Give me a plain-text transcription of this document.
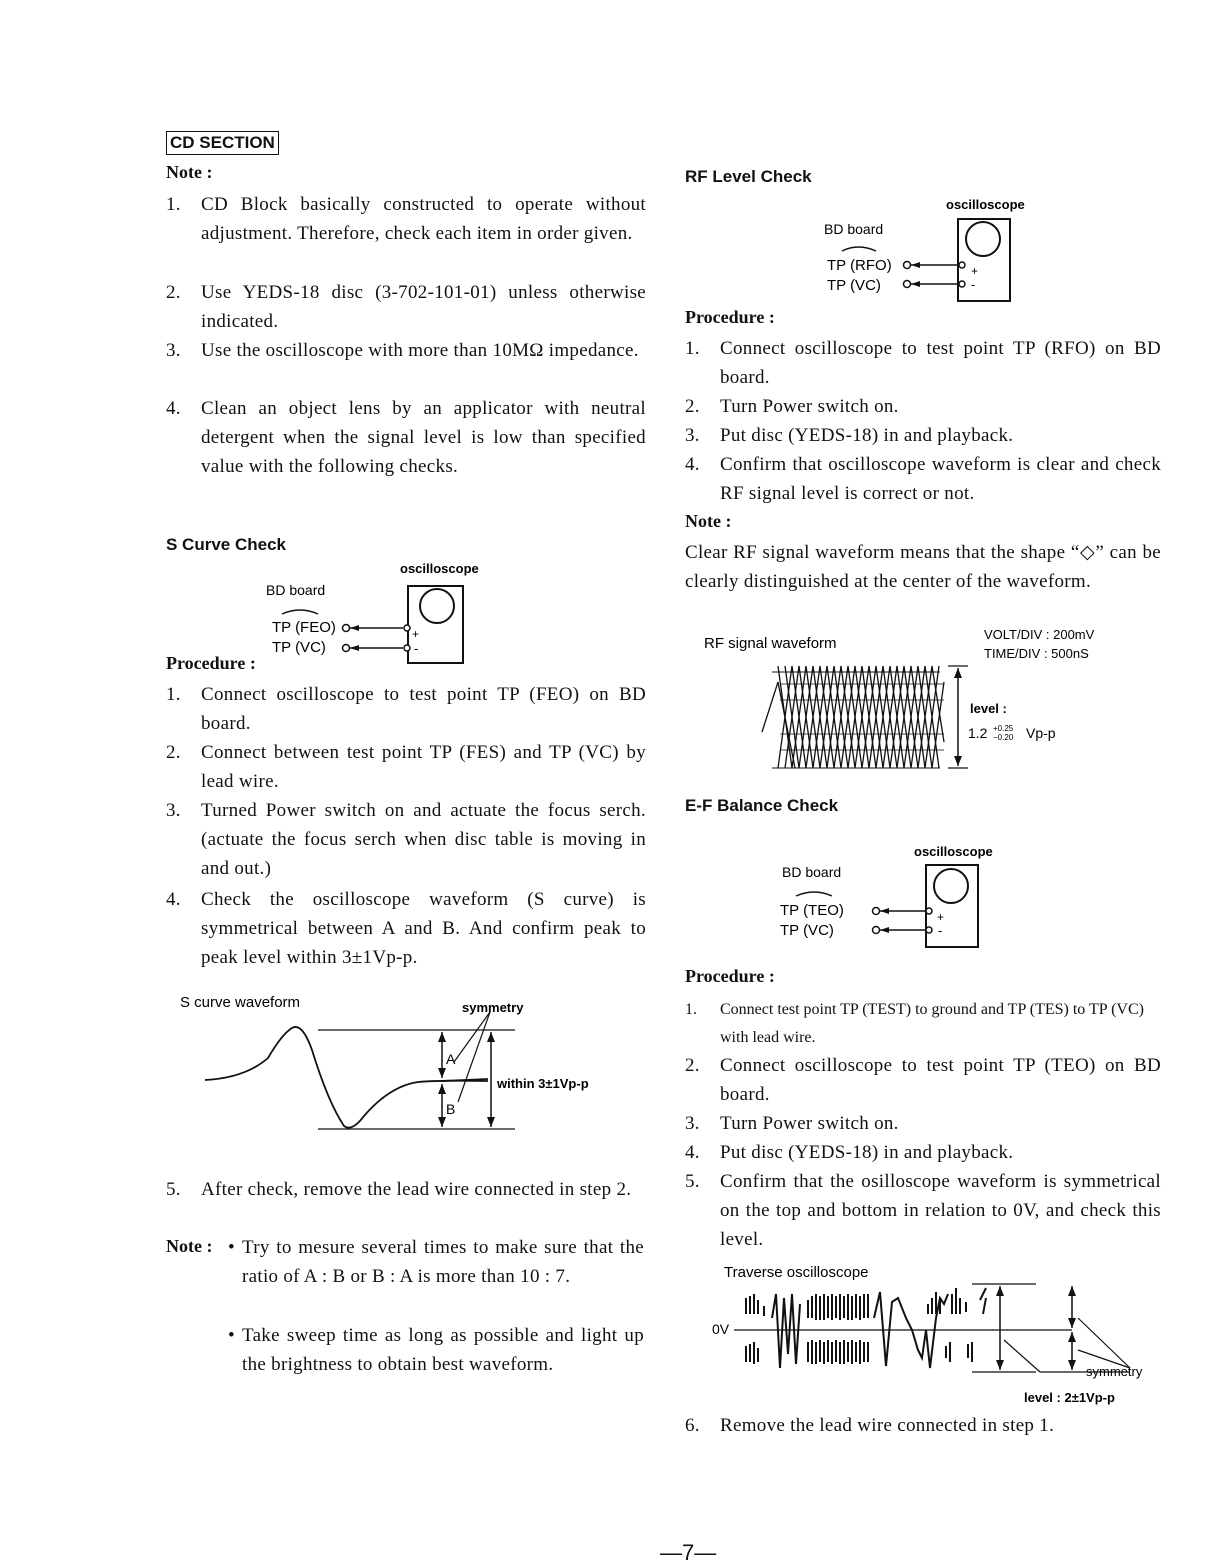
CD SECTION
Note :
1.	CD Block basically constructed to operate without adjustment. Therefore, check each item in order given.
2.	Use YEDS-18 disc (3-702-101-01) unless otherwise indicated.
3.	Use the oscilloscope with more than 10MΩ impedance.
4.	Clean an object lens by an applicator with neutral detergent when the signal level is low than specified value with the following checks.
S Curve Check
oscilloscope
BD board
TP (FEO)
TP (VC)
+
-
Procedure :
1.	Connect oscilloscope to test point TP (FEO) on BD board.
2.	Connect between test point TP (FES) and TP (VC) by lead wire.
3.	Turned Power switch on and actuate the focus serch. (actuate the focus serch when disc table is moving in and out.)
4.	Check the oscilloscope waveform (S curve) is symmetrical between A and B. And confirm peak to peak level within 3±1Vp-p.
S curve waveform	symmetry
A
B
within 3±1Vp-p
5.	After check, remove the lead wire connected in step 2.
Note : • Try to mesure several times to make sure that the ratio of A : B or B : A is more than 10 : 7.
• Take sweep time as long as possible and light up the brightness to obtain best waveform.
RF Level Check
oscilloscope
BD board
TP (RFO)
TP (VC)
+
-
Procedure :
1.	Connect oscilloscope to test point TP (RFO) on BD board.
2.	Turn Power switch on.
3.	Put disc (YEDS-18) in and playback.
4.	Confirm that oscilloscope waveform is clear and check RF signal level is correct or not.
Note :
Clear RF signal waveform means that the shape “◇” can be clearly distinguished at the center of the waveform.
RF signal waveform
VOLT/DIV : 200mV
TIME/DIV : 500nS
level :
1.2 +0.25
−0.20 Vp-p
E-F Balance Check
oscilloscope
BD board
TP (TEO)
TP (VC)
+
-
Procedure :
1.	Connect test point TP (TEST) to ground and TP (TES) to TP (VC) with lead wire.
2.	Connect oscilloscope to test point TP (TEO) on BD board.
3.	Turn Power switch on.
4.	Put disc (YEDS-18) in and playback.
5.	Confirm that the osilloscope waveform is symmetrical on the top and bottom in relation to 0V, and check this level.
Traverse oscilloscope
0V
symmetry
level : 2±1Vp-p
6.	Remove the lead wire connected in step 1.
—7—
